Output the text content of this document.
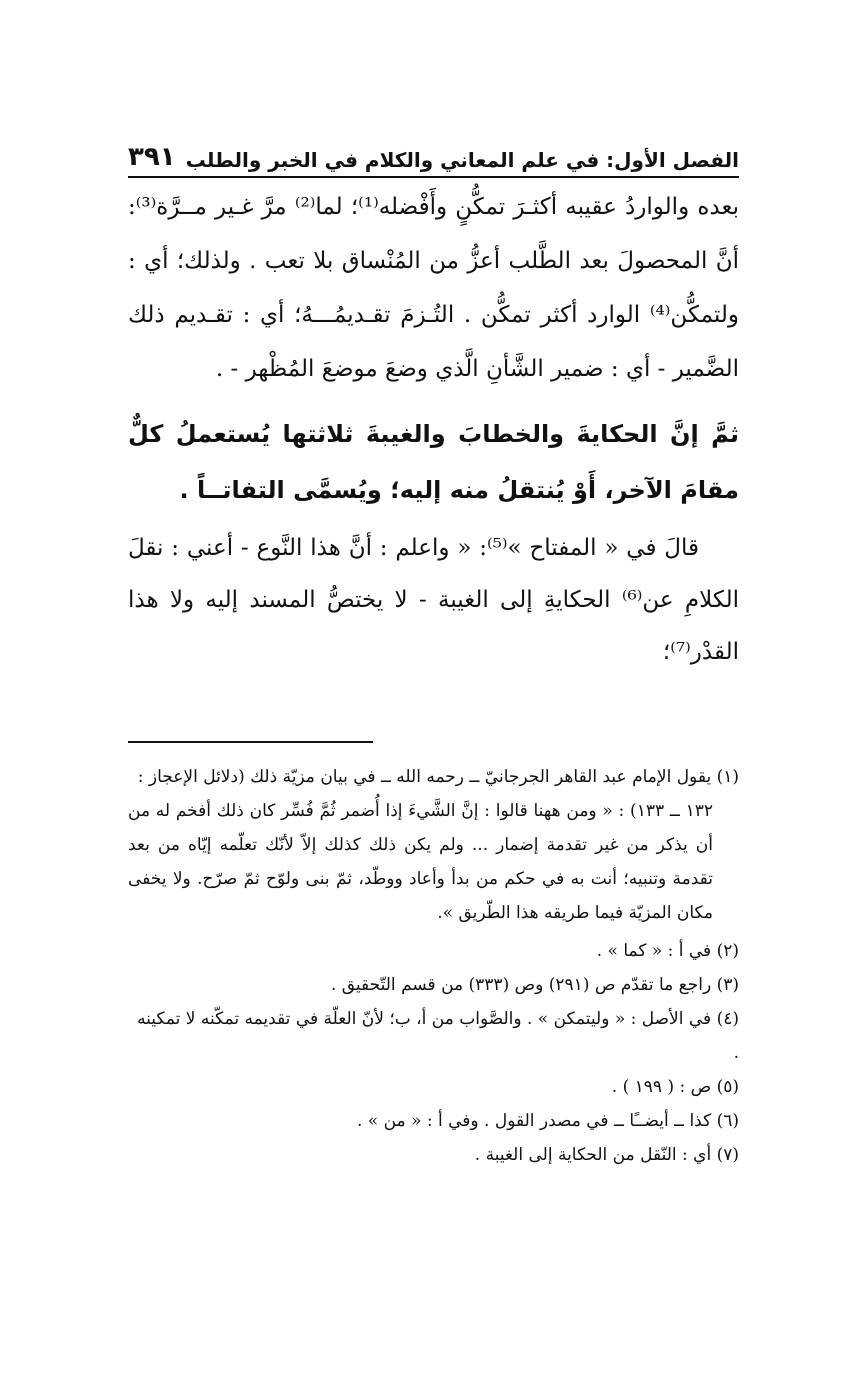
الفصل الأول: في علم المعاني والكلام في الخبر والطلب
٣٩١

بعده والواردُ عقيبه أكثـرَ تمكُّنٍ وأَفْضله⁽¹⁾؛ لما⁽²⁾ مرَّ غـير مــرَّة⁽³⁾: أنَّ المحصولَ بعد الطَّلب أعزُّ من المُنْساق بلا تعب . ولذلك؛ أي : ولتمكُّن⁽⁴⁾ الوارد أكثر تمكُّن . التُـزمَ تقـديمُـــهُ؛ أي : تقـديم ذلك الضَّمير - أي : ضمير الشَّأنِ الَّذي وضعَ موضعَ المُظْهر - .

ثمَّ إنَّ الحكايةَ والخطابَ والغيبةَ ثلاثتها يُستعملُ كلٌّ مقامَ الآخر، أَوْ يُنتقلُ منه إليه؛ ويُسمَّى التفاتــاً .

قالَ في « المفتاح »⁽⁵⁾: « واعلم : أنَّ هذا النَّوع - أعني : نقلَ الكلامِ عن⁽⁶⁾ الحكايةِ إلى الغيبة - لا يختصُّ المسند إليه ولا هذا القدْر⁽⁷⁾؛

(١) يقول الإمام عبد القاهر الجرجانيّ ــ رحمه الله ــ في بيان مزيّة ذلك (دلائل الإعجاز :

١٣٢ ــ ١٣٣) : « ومن ههنا قالوا : إنَّ الشَّيءَ إذا أُضمر ثُمَّ فُسِّر كان ذلك أفخم له من أن يذكر من غير تقدمة إضمار ... ولم يكن ذلك كذلك إلاّ لأنّك تعلّمه إيّاه من بعد تقدمة وتنبيه؛ أنت به في حكم من بدأ وأعاد ووطّد، ثمّ بنى ولوّح ثمّ صرّح. ولا يخفى مكان المزيّة فيما طريقه هذا الطّريق ».

(٢) في أ : « كما » .

(٣) راجع ما تقدّم ص (٢٩١) وص (٣٣٣) من قسم التّحقيق .

(٤) في الأصل : « وليتمكن » . والصَّواب من أ، ب؛ لأنّ العلّة في تقديمه تمكّنه لا تمكينه .

(٥) ص : ( ١٩٩ ) .

(٦) كذا ــ أيضــًا ــ في مصدر القول . وفي أ : « من » .

(٧) أي : النّقل من الحكاية إلى الغيبة .
